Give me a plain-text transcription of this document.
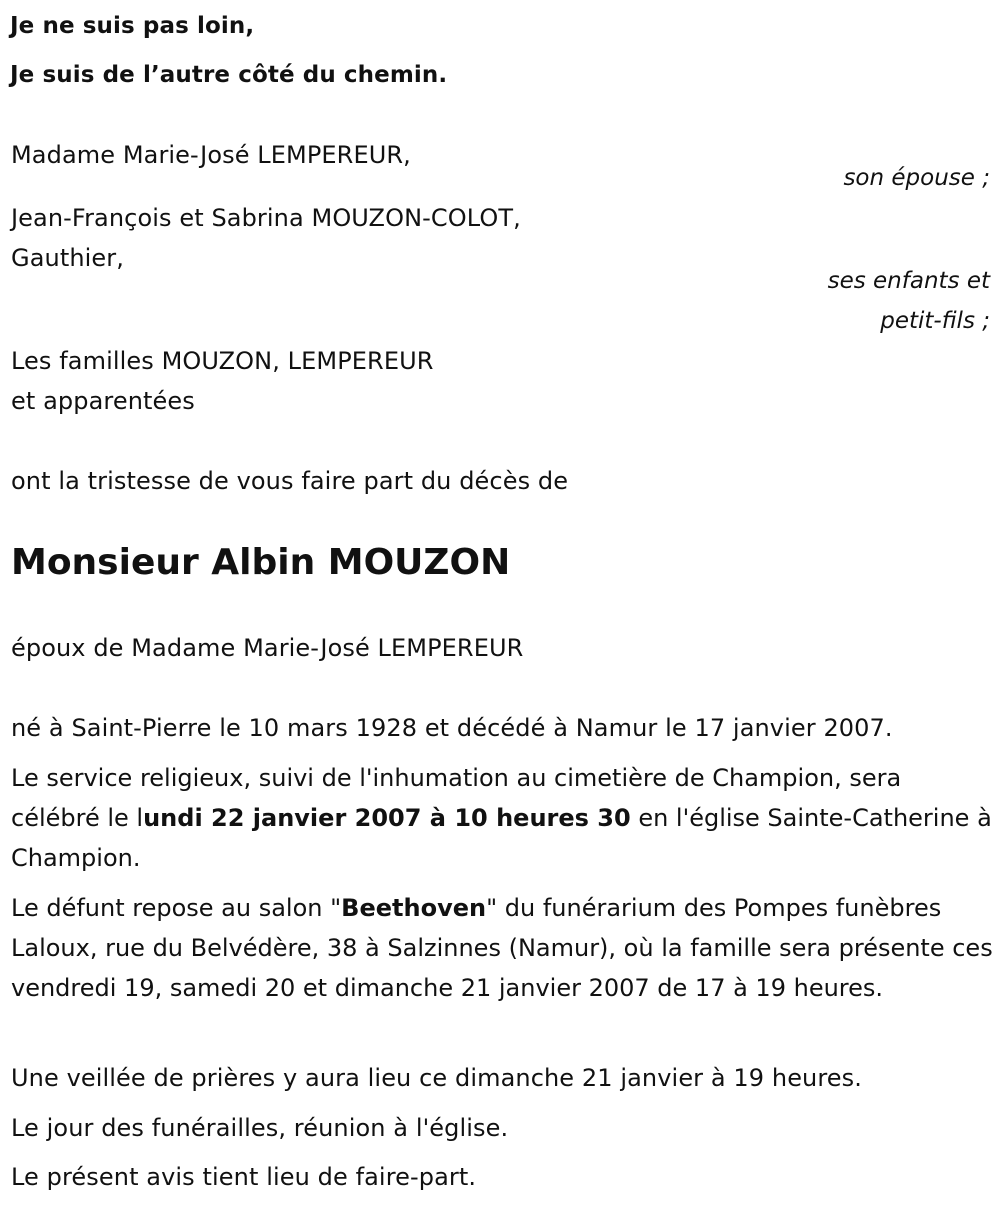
Je ne suis pas loin,
Je suis de l’autre côté du chemin.
Madame Marie-José LEMPEREUR,
son épouse ;
Jean-François et Sabrina MOUZON-COLOT,
Gauthier,
ses enfants et
petit-fils ;
Les familles MOUZON, LEMPEREUR
et apparentées
ont la tristesse de vous faire part du décès de
Monsieur Albin MOUZON
époux de Madame Marie-José LEMPEREUR
né à Saint-Pierre le 10 mars 1928 et décédé à Namur le 17 janvier 2007.
Le service religieux, suivi de l'inhumation au cimetière de Champion, sera célébré le lundi 22 janvier 2007 à 10 heures 30 en l'église Sainte-Catherine à Champion.
Le défunt repose au salon "Beethoven" du funérarium des Pompes funèbres Laloux, rue du Belvédère, 38 à Salzinnes (Namur), où la famille sera présente ces vendredi 19, samedi 20 et dimanche 21 janvier 2007 de 17 à 19 heures.
Une veillée de prières y aura lieu ce dimanche 21 janvier à 19 heures.
Le jour des funérailles, réunion à l'église.
Le présent avis tient lieu de faire-part.
